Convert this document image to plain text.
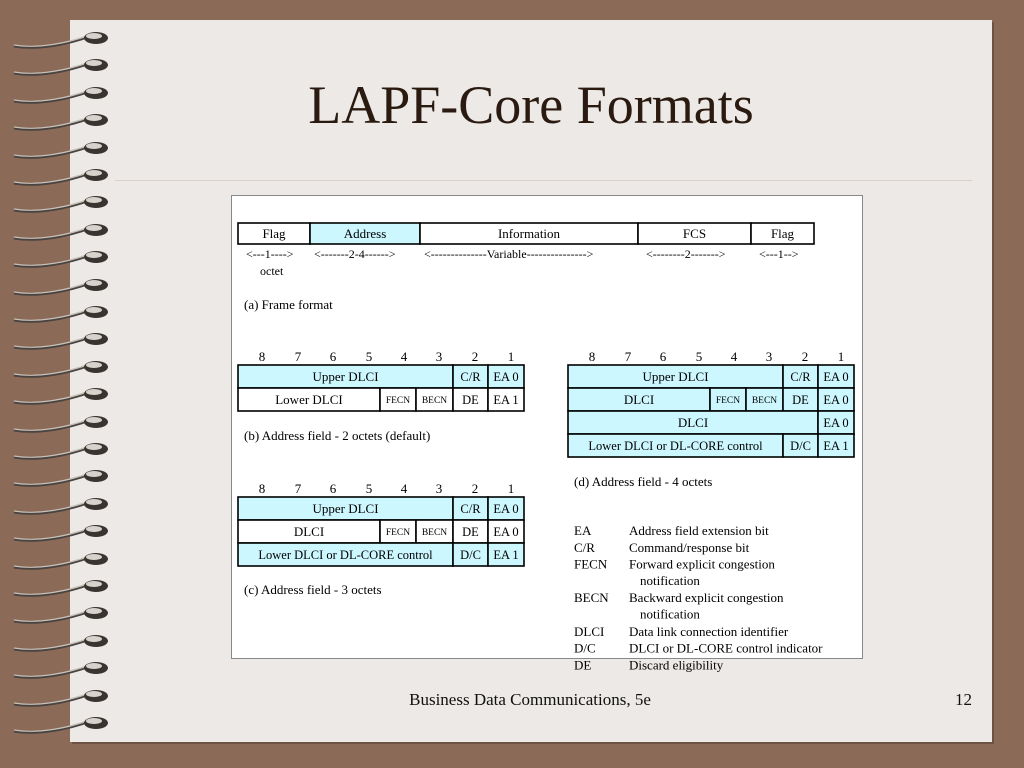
LAPF-Core Formats
Flag	Address	Information	FCS	Flag
<---1----> <-------2-4------> <--------------Variable--------------->	<--------2------->	<---1-->
octet
(a) Frame format
8 7 6 5 4 3 2 1
Upper DLCI	C/R EA 0
Lower DLCI	FECN BECN DE EA 1
(b) Address field - 2 octets (default)
8 7 6 5 4 3 2 1
Upper DLCI	C/R EA 0
DLCI	FECN BECN DE EA 0
Lower DLCI or DL-CORE control D/C EA 1
(c) Address field - 3 octets
8 7 6 5 4 3 2 1
Upper DLCI	C/R EA 0
DLCI	FECN BECN DE EA 0
DLCI	EA 0
Lower DLCI or DL-CORE control D/C EA 1
(d) Address field - 4 octets
EA	Address field extension bit
C/R	Command/response bit
FECN Forward explicit congestion
notification
BECN Backward explicit congestion
notification
DLCI Data link connection identifier
D/C	DLCI or DL-CORE control indicator
DE	Discard eligibility
Business Data Communications, 5e	12
